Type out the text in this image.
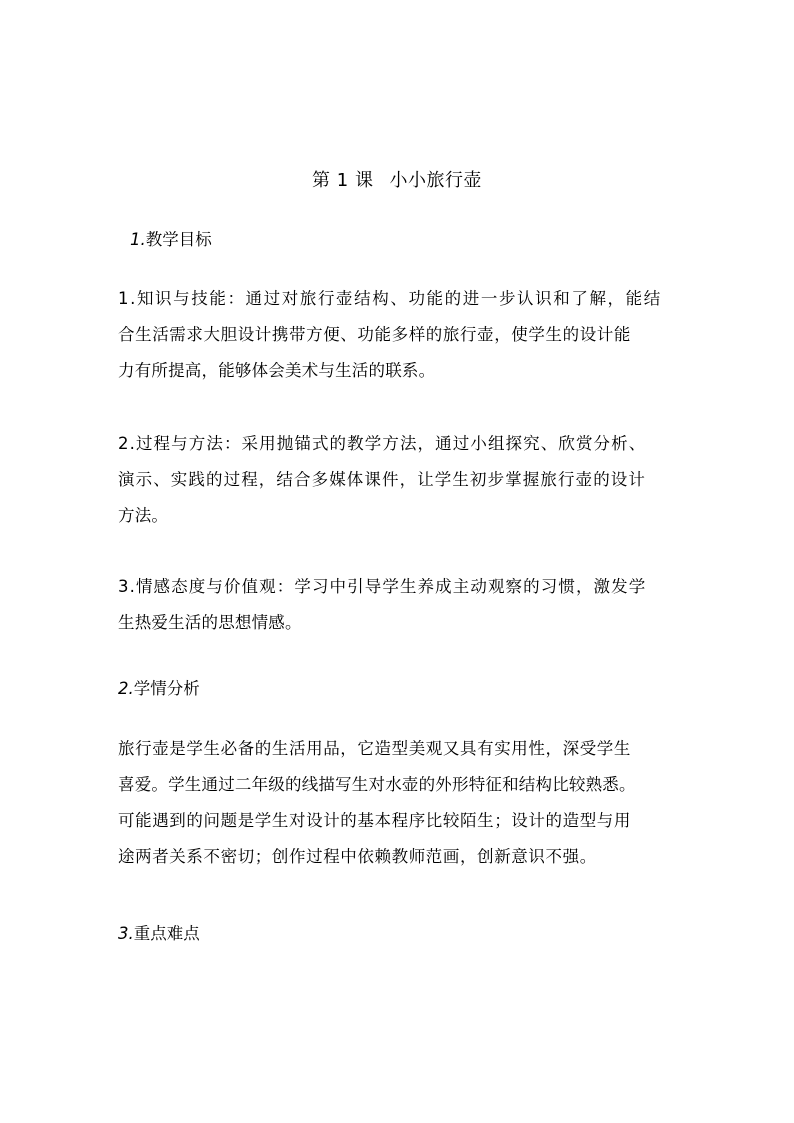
第 1 课 小小旅行壶
1.教学目标
1.知识与技能：通过对旅行壶结构、功能的进一步认识和了解，能结
合生活需求大胆设计携带方便、功能多样的旅行壶，使学生的设计能
力有所提高，能够体会美术与生活的联系。
2.过程与方法：采用抛锚式的教学方法，通过小组探究、欣赏分析、
演示、实践的过程，结合多媒体课件，让学生初步掌握旅行壶的设计
方法。
3.情感态度与价值观：学习中引导学生养成主动观察的习惯，激发学
生热爱生活的思想情感。
2.学情分析
旅行壶是学生必备的生活用品，它造型美观又具有实用性，深受学生
喜爱。学生通过二年级的线描写生对水壶的外形特征和结构比较熟悉。
可能遇到的问题是学生对设计的基本程序比较陌生；设计的造型与用
途两者关系不密切；创作过程中依赖教师范画，创新意识不强。
3.重点难点
